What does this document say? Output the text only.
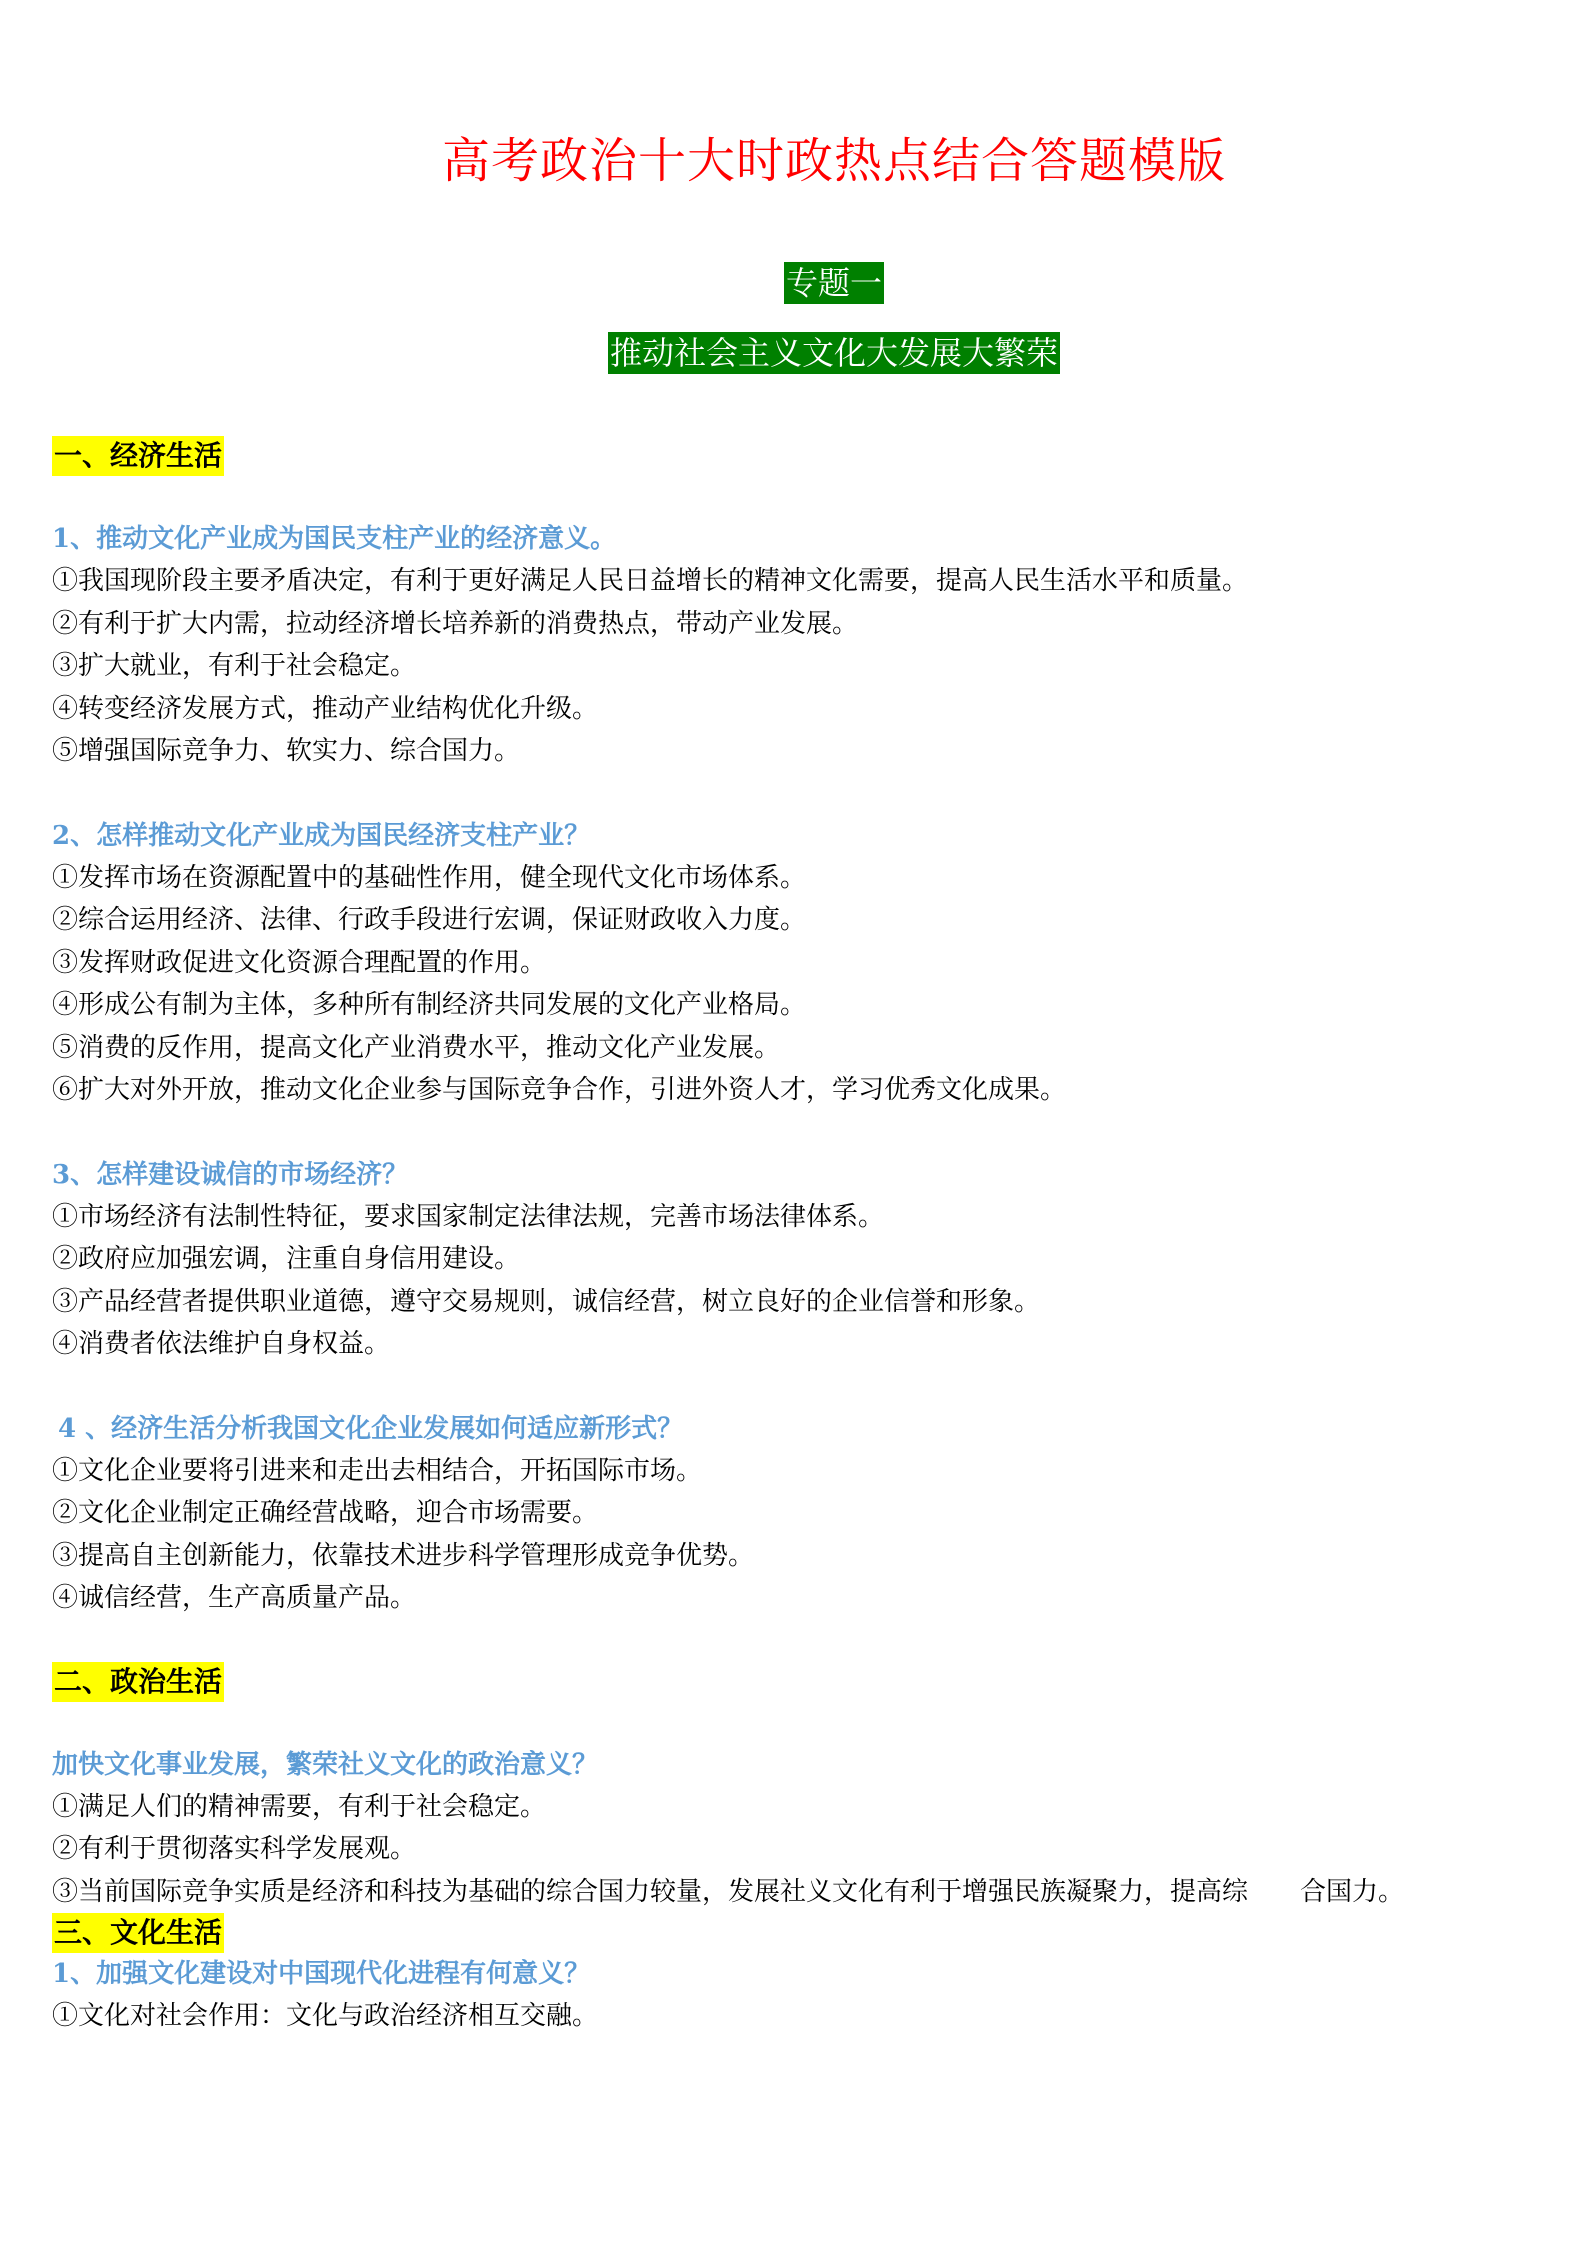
高考政治十大时政热点结合答题模版
专题一
推动社会主义文化大发展大繁荣
一、经济生活
1、推动文化产业成为国民支柱产业的经济意义。
①我国现阶段主要矛盾决定，有利于更好满足人民日益增长的精神文化需要，提高人民生活水平和质量。
②有利于扩大内需，拉动经济增长培养新的消费热点，带动产业发展。
③扩大就业，有利于社会稳定。
④转变经济发展方式，推动产业结构优化升级。
⑤增强国际竞争力、软实力、综合国力。
2、怎样推动文化产业成为国民经济支柱产业？
①发挥市场在资源配置中的基础性作用，健全现代文化市场体系。
②综合运用经济、法律、行政手段进行宏调，保证财政收入力度。
③发挥财政促进文化资源合理配置的作用。
④形成公有制为主体，多种所有制经济共同发展的文化产业格局。
⑤消费的反作用，提高文化产业消费水平，推动文化产业发展。
⑥扩大对外开放，推动文化企业参与国际竞争合作，引进外资人才，学习优秀文化成果。
3、怎样建设诚信的市场经济？
①市场经济有法制性特征，要求国家制定法律法规，完善市场法律体系。
②政府应加强宏调，注重自身信用建设。
③产品经营者提供职业道德，遵守交易规则，诚信经营，树立良好的企业信誉和形象。
④消费者依法维护自身权益。
4 、经济生活分析我国文化企业发展如何适应新形式？
①文化企业要将引进来和走出去相结合，开拓国际市场。
②文化企业制定正确经营战略，迎合市场需要。
③提高自主创新能力，依靠技术进步科学管理形成竞争优势。
④诚信经营，生产高质量产品。
二、政治生活
加快文化事业发展，繁荣社义文化的政治意义？
①满足人们的精神需要，有利于社会稳定。
②有利于贯彻落实科学发展观。
③当前国际竞争实质是经济和科技为基础的综合国力较量，发展社义文化有利于增强民族凝聚力，提高综　　合国力。
三、文化生活
1、加强文化建设对中国现代化进程有何意义？
①文化对社会作用：文化与政治经济相互交融。
